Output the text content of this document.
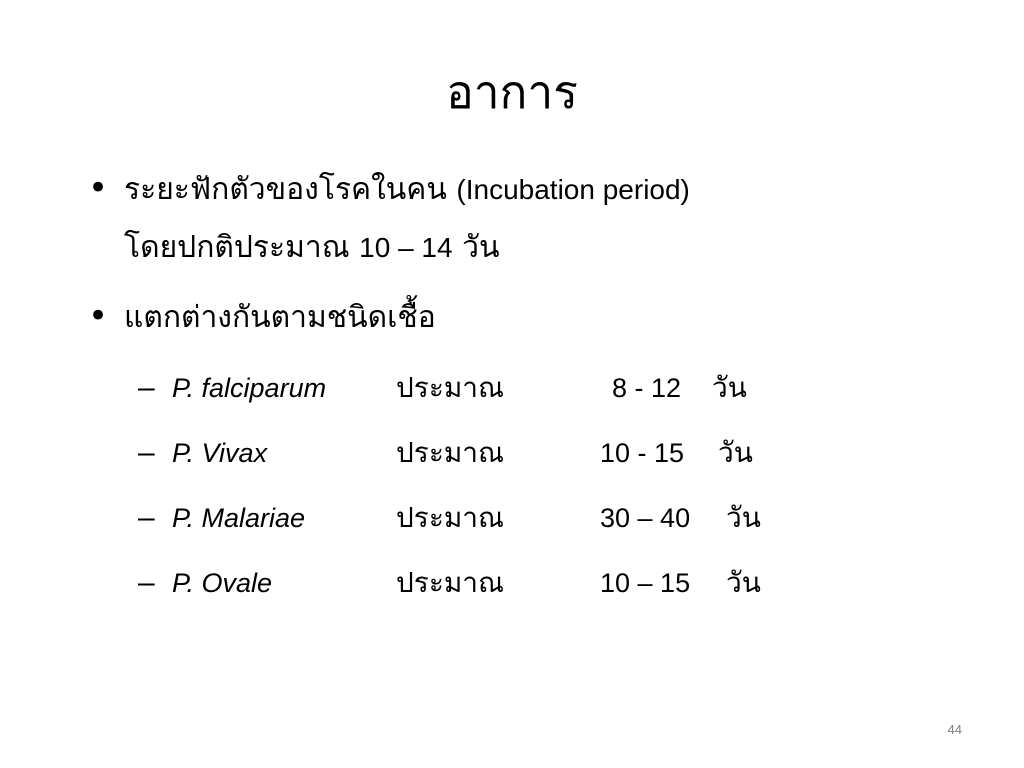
อาการ
• ระยะฟักตัวของโรคในคน (Incubation period)
โดยปกติประมาณ 10 – 14 วัน
• แตกต่างกันตามชนิดเชื้อ
– P. falciparum ประมาณ	8 - 12 วัน
– P. Vivax	ประมาณ	10 - 15 วัน
– P. Malariae	ประมาณ	30 – 40 วัน
– P. Ovale	ประมาณ	10 – 15 วัน
44
